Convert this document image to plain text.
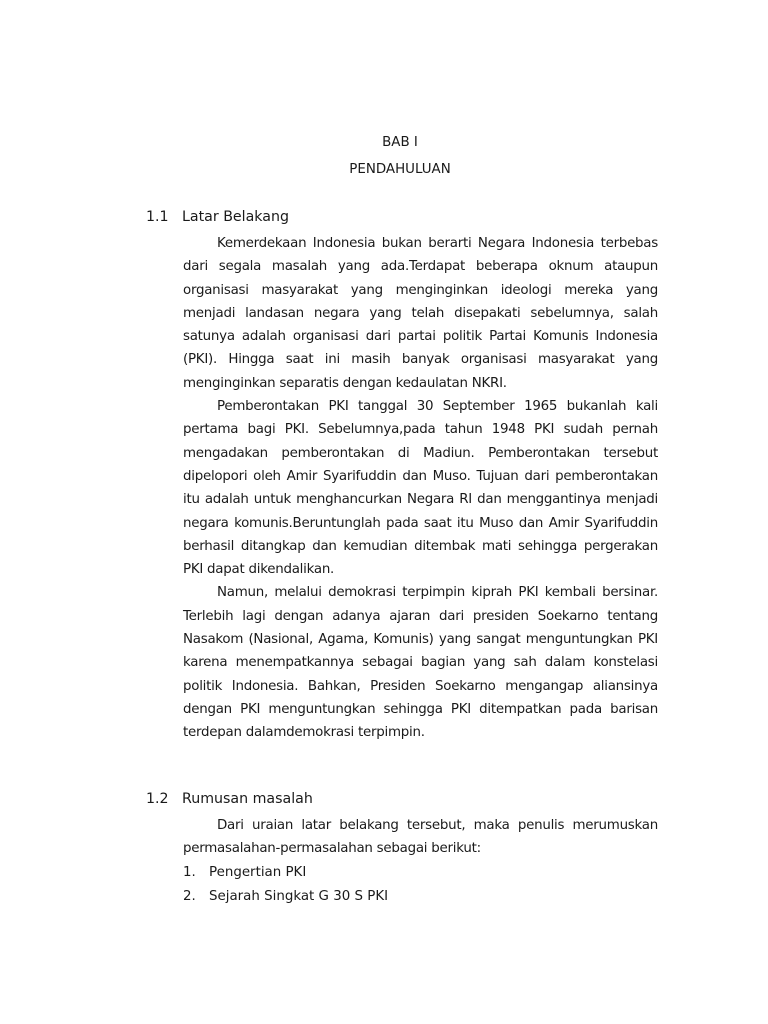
BAB I
PENDAHULUAN
1.1 Latar Belakang

Kemerdekaan Indonesia bukan berarti Negara Indonesia terbebas dari segala masalah yang ada.Terdapat beberapa oknum ataupun organisasi masyarakat yang menginginkan ideologi mereka yang menjadi landasan negara yang telah disepakati sebelumnya, salah satunya adalah organisasi dari partai politik Partai Komunis Indonesia (PKI). Hingga saat ini masih banyak organisasi masyarakat yang menginginkan separatis dengan kedaulatan NKRI.

Pemberontakan PKI tanggal 30 September 1965 bukanlah kali pertama bagi PKI. Sebelumnya,pada tahun 1948 PKI sudah pernah mengadakan pemberontakan di Madiun. Pemberontakan tersebut dipelopori oleh Amir Syarifuddin dan Muso. Tujuan dari pemberontakan itu adalah untuk menghancurkan Negara RI dan menggantinya menjadi negara komunis.Beruntunglah pada saat itu Muso dan Amir Syarifuddin berhasil ditangkap dan kemudian ditembak mati sehingga pergerakan PKI dapat dikendalikan.

Namun, melalui demokrasi terpimpin kiprah PKI kembali bersinar. Terlebih lagi dengan adanya ajaran dari presiden Soekarno tentang Nasakom (Nasional, Agama, Komunis) yang sangat menguntungkan PKI karena menempatkannya sebagai bagian yang sah dalam konstelasi politik Indonesia. Bahkan, Presiden Soekarno mengangap aliansinya dengan PKI menguntungkan sehingga PKI ditempatkan pada barisan terdepan dalamdemokrasi terpimpin.

1.2 Rumusan masalah

Dari uraian latar belakang tersebut, maka penulis merumuskan permasalahan-permasalahan sebagai berikut:

1. Pengertian PKI
2. Sejarah Singkat G 30 S PKI
